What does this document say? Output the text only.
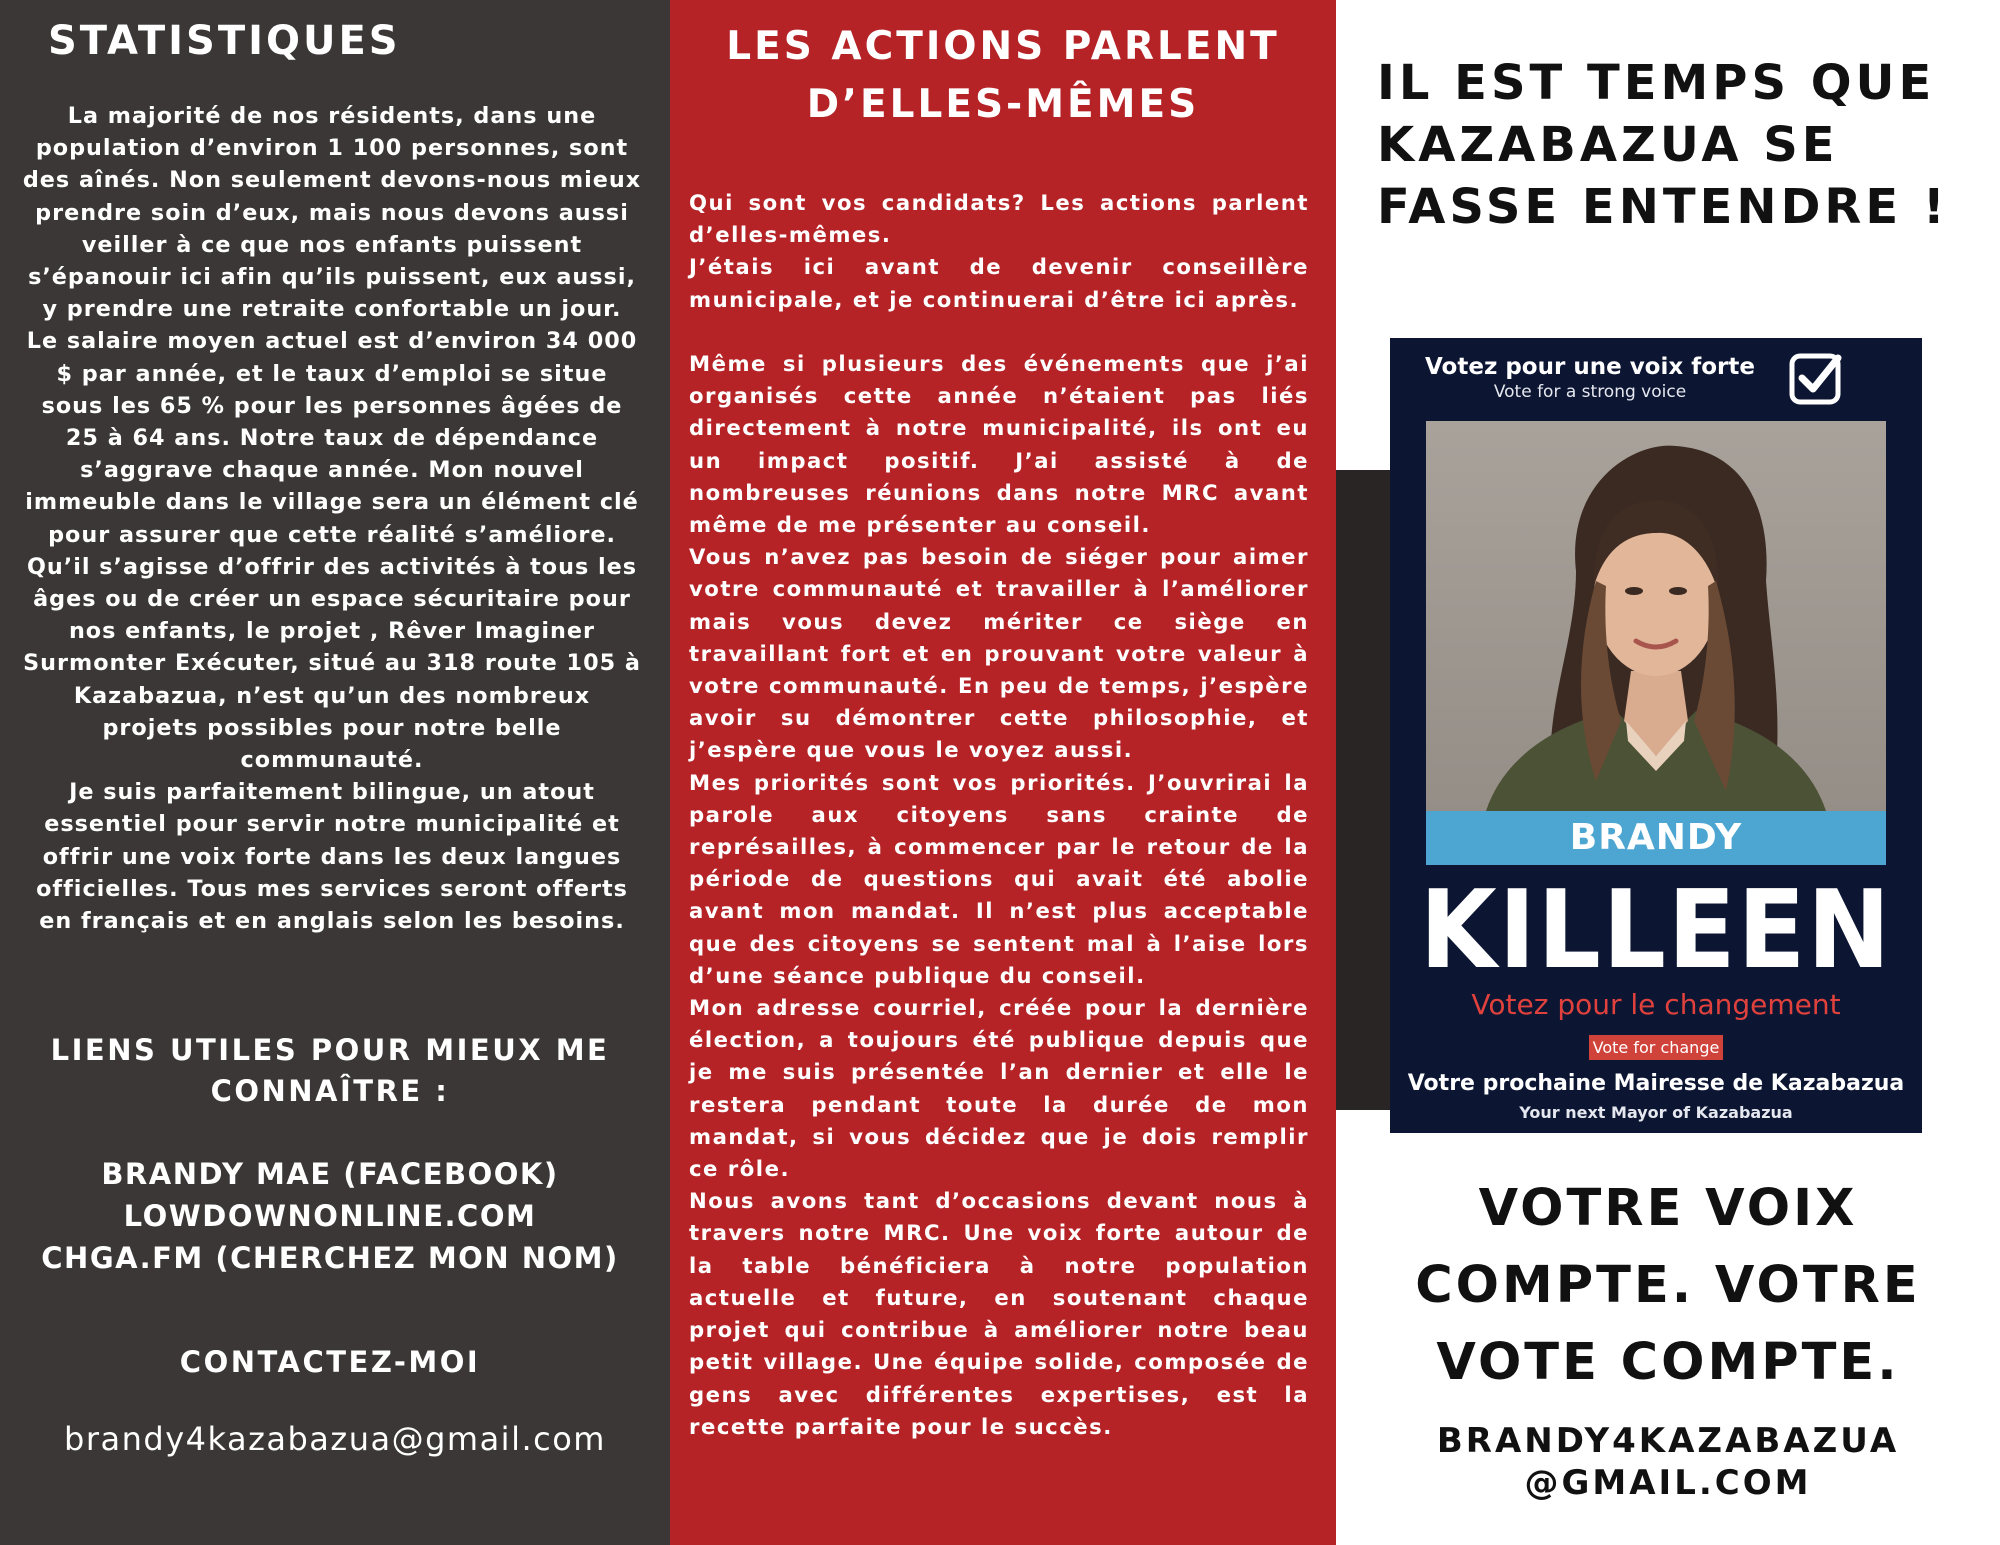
STATISTIQUES

La majorité de nos résidents, dans une population d’environ 1 100 personnes, sont des aînés. Non seulement devons-nous mieux prendre soin d’eux, mais nous devons aussi veiller à ce que nos enfants puissent s’épanouir ici afin qu’ils puissent, eux aussi, y prendre une retraite confortable un jour.

Le salaire moyen actuel est d’environ 34 000 $ par année, et le taux d’emploi se situe sous les 65 % pour les personnes âgées de 25 à 64 ans. Notre taux de dépendance s’aggrave chaque année. Mon nouvel immeuble dans le village sera un élément clé pour assurer que cette réalité s’améliore. Qu’il s’agisse d’offrir des activités à tous les âges ou de créer un espace sécuritaire pour nos enfants, le projet , Rêver Imaginer Surmonter Exécuter, situé au 318 route 105 à Kazabazua, n’est qu’un des nombreux projets possibles pour notre belle communauté.

Je suis parfaitement bilingue, un atout essentiel pour servir notre municipalité et offrir une voix forte dans les deux langues officielles. Tous mes services seront offerts en français et en anglais selon les besoins.

LIENS UTILES POUR MIEUX ME CONNAÎTRE :
BRANDY MAE (FACEBOOK)
LOWDOWNONLINE.COM
CHGA.FM (CHERCHEZ MON NOM)
CONTACTEZ-MOI
brandy4kazabazua@gmail.com
LES ACTIONS PARLENT D’ELLES-MÊMES

Qui sont vos candidats? Les actions parlent d’elles-mêmes.

J’étais ici avant de devenir conseillère municipale, et je continuerai d’être ici après.

Même si plusieurs des événements que j’ai organisés cette année n’étaient pas liés directement à notre municipalité, ils ont eu un impact positif. J’ai assisté à de nombreuses réunions dans notre MRC avant même de me présenter au conseil.

Vous n’avez pas besoin de siéger pour aimer votre communauté et travailler à l’améliorer mais vous devez mériter ce siège en travaillant fort et en prouvant votre valeur à votre communauté. En peu de temps, j’espère avoir su démontrer cette philosophie, et j’espère que vous le voyez aussi.

Mes priorités sont vos priorités. J’ouvrirai la parole aux citoyens sans crainte de représailles, à commencer par le retour de la période de questions qui avait été abolie avant mon mandat. Il n’est plus acceptable que des citoyens se sentent mal à l’aise lors d’une séance publique du conseil.

Mon adresse courriel, créée pour la dernière élection, a toujours été publique depuis que je me suis présentée l’an dernier et elle le restera pendant toute la durée de mon mandat, si vous décidez que je dois remplir ce rôle.

Nous avons tant d’occasions devant nous à travers notre MRC. Une voix forte autour de la table bénéficiera à notre population actuelle et future, en soutenant chaque projet qui contribue à améliorer notre beau petit village. Une équipe solide, composée de gens avec différentes expertises, est la recette parfaite pour le succès.

IL EST TEMPS QUE KAZABAZUA SE FASSE ENTENDRE !
Votez pour une voix forte
Vote for a strong voice
BRANDY
KILLEEN
Votez pour le changement
Vote for change
Votre prochaine Mairesse de Kazabazua
Your next Mayor of Kazabazua
VOTRE VOIX COMPTE. VOTRE VOTE COMPTE.
BRANDY4KAZABAZUA
@GMAIL.COM
